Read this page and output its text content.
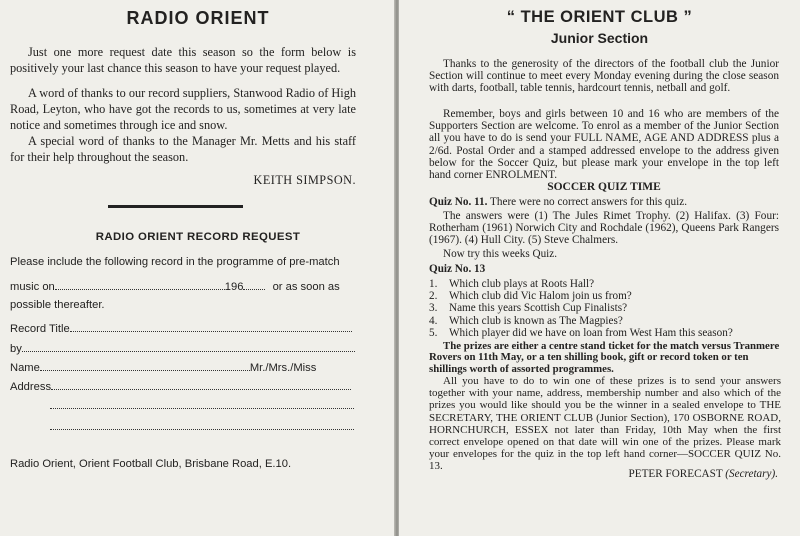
RADIO ORIENT

Just one more request date this season so the form below is positively your last chance this season to have your request played.

A word of thanks to our record suppliers, Stanwood Radio of High Road, Leyton, who have got the records to us, sometimes at very late notice and sometimes through ice and snow.

A special word of thanks to the Manager Mr. Metts and his staff for their help throughout the season.

KEITH SIMPSON.
RADIO ORIENT RECORD REQUEST
Please include the following record in the programme of pre-match
music on	196	or as soon as
possible thereafter.
Record Title
by
Name	Mr./Mrs./Miss
Address
Radio Orient, Orient Football Club, Brisbane Road, E.10.
“ THE ORIENT CLUB ”
Junior Section

Thanks to the generosity of the directors of the football club the Junior Section will continue to meet every Monday evening during the close season with darts, football, table tennis, hardcourt tennis, netball and golf.

Remember, boys and girls between 10 and 16 who are members of the Supporters Section are welcome. To enrol as a member of the Junior Section all you have to do is send your FULL NAME, AGE AND ADDRESS plus a 2/6d. Postal Order and a stamped addressed envelope to the address given below for the Soccer Quiz, but please mark your envelope in the top left hand corner ENROLMENT.

SOCCER QUIZ TIME

Quiz No. 11. There were no correct answers for this quiz.

The answers were (1) The Jules Rimet Trophy. (2) Halifax. (3) Four: Rotherham (1961) Norwich City and Rochdale (1962), Queens Park Rangers (1967). (4) Hull City. (5) Steve Chalmers.

Now try this weeks Quiz.

Quiz No. 13

1.	Which club plays at Roots Hall?
2.	Which club did Vic Halom join us from?
3.	Name this years Scottish Cup Finalists?
4.	Which club is known as The Magpies?
5.	Which player did we have on loan from West Ham this season?

The prizes are either a centre stand ticket for the match versus Tranmere Rovers on 11th May, or a ten shilling book, gift or record token or ten shillings worth of assorted programmes.

All you have to do to win one of these prizes is to send your answers together with your name, address, membership number and also which of the prizes you would like should you be the winner in a sealed envelope to THE SECRETARY, THE ORIENT CLUB (Junior Section), 170 OSBORNE ROAD, HORNCHURCH, ESSEX not later than Friday, 10th May when the first correct envelope opened on that date will win one of the prizes. Please mark your envelopes for the quiz in the top left hand corner—SOCCER QUIZ No. 13.

PETER FORECAST (Secretary).
